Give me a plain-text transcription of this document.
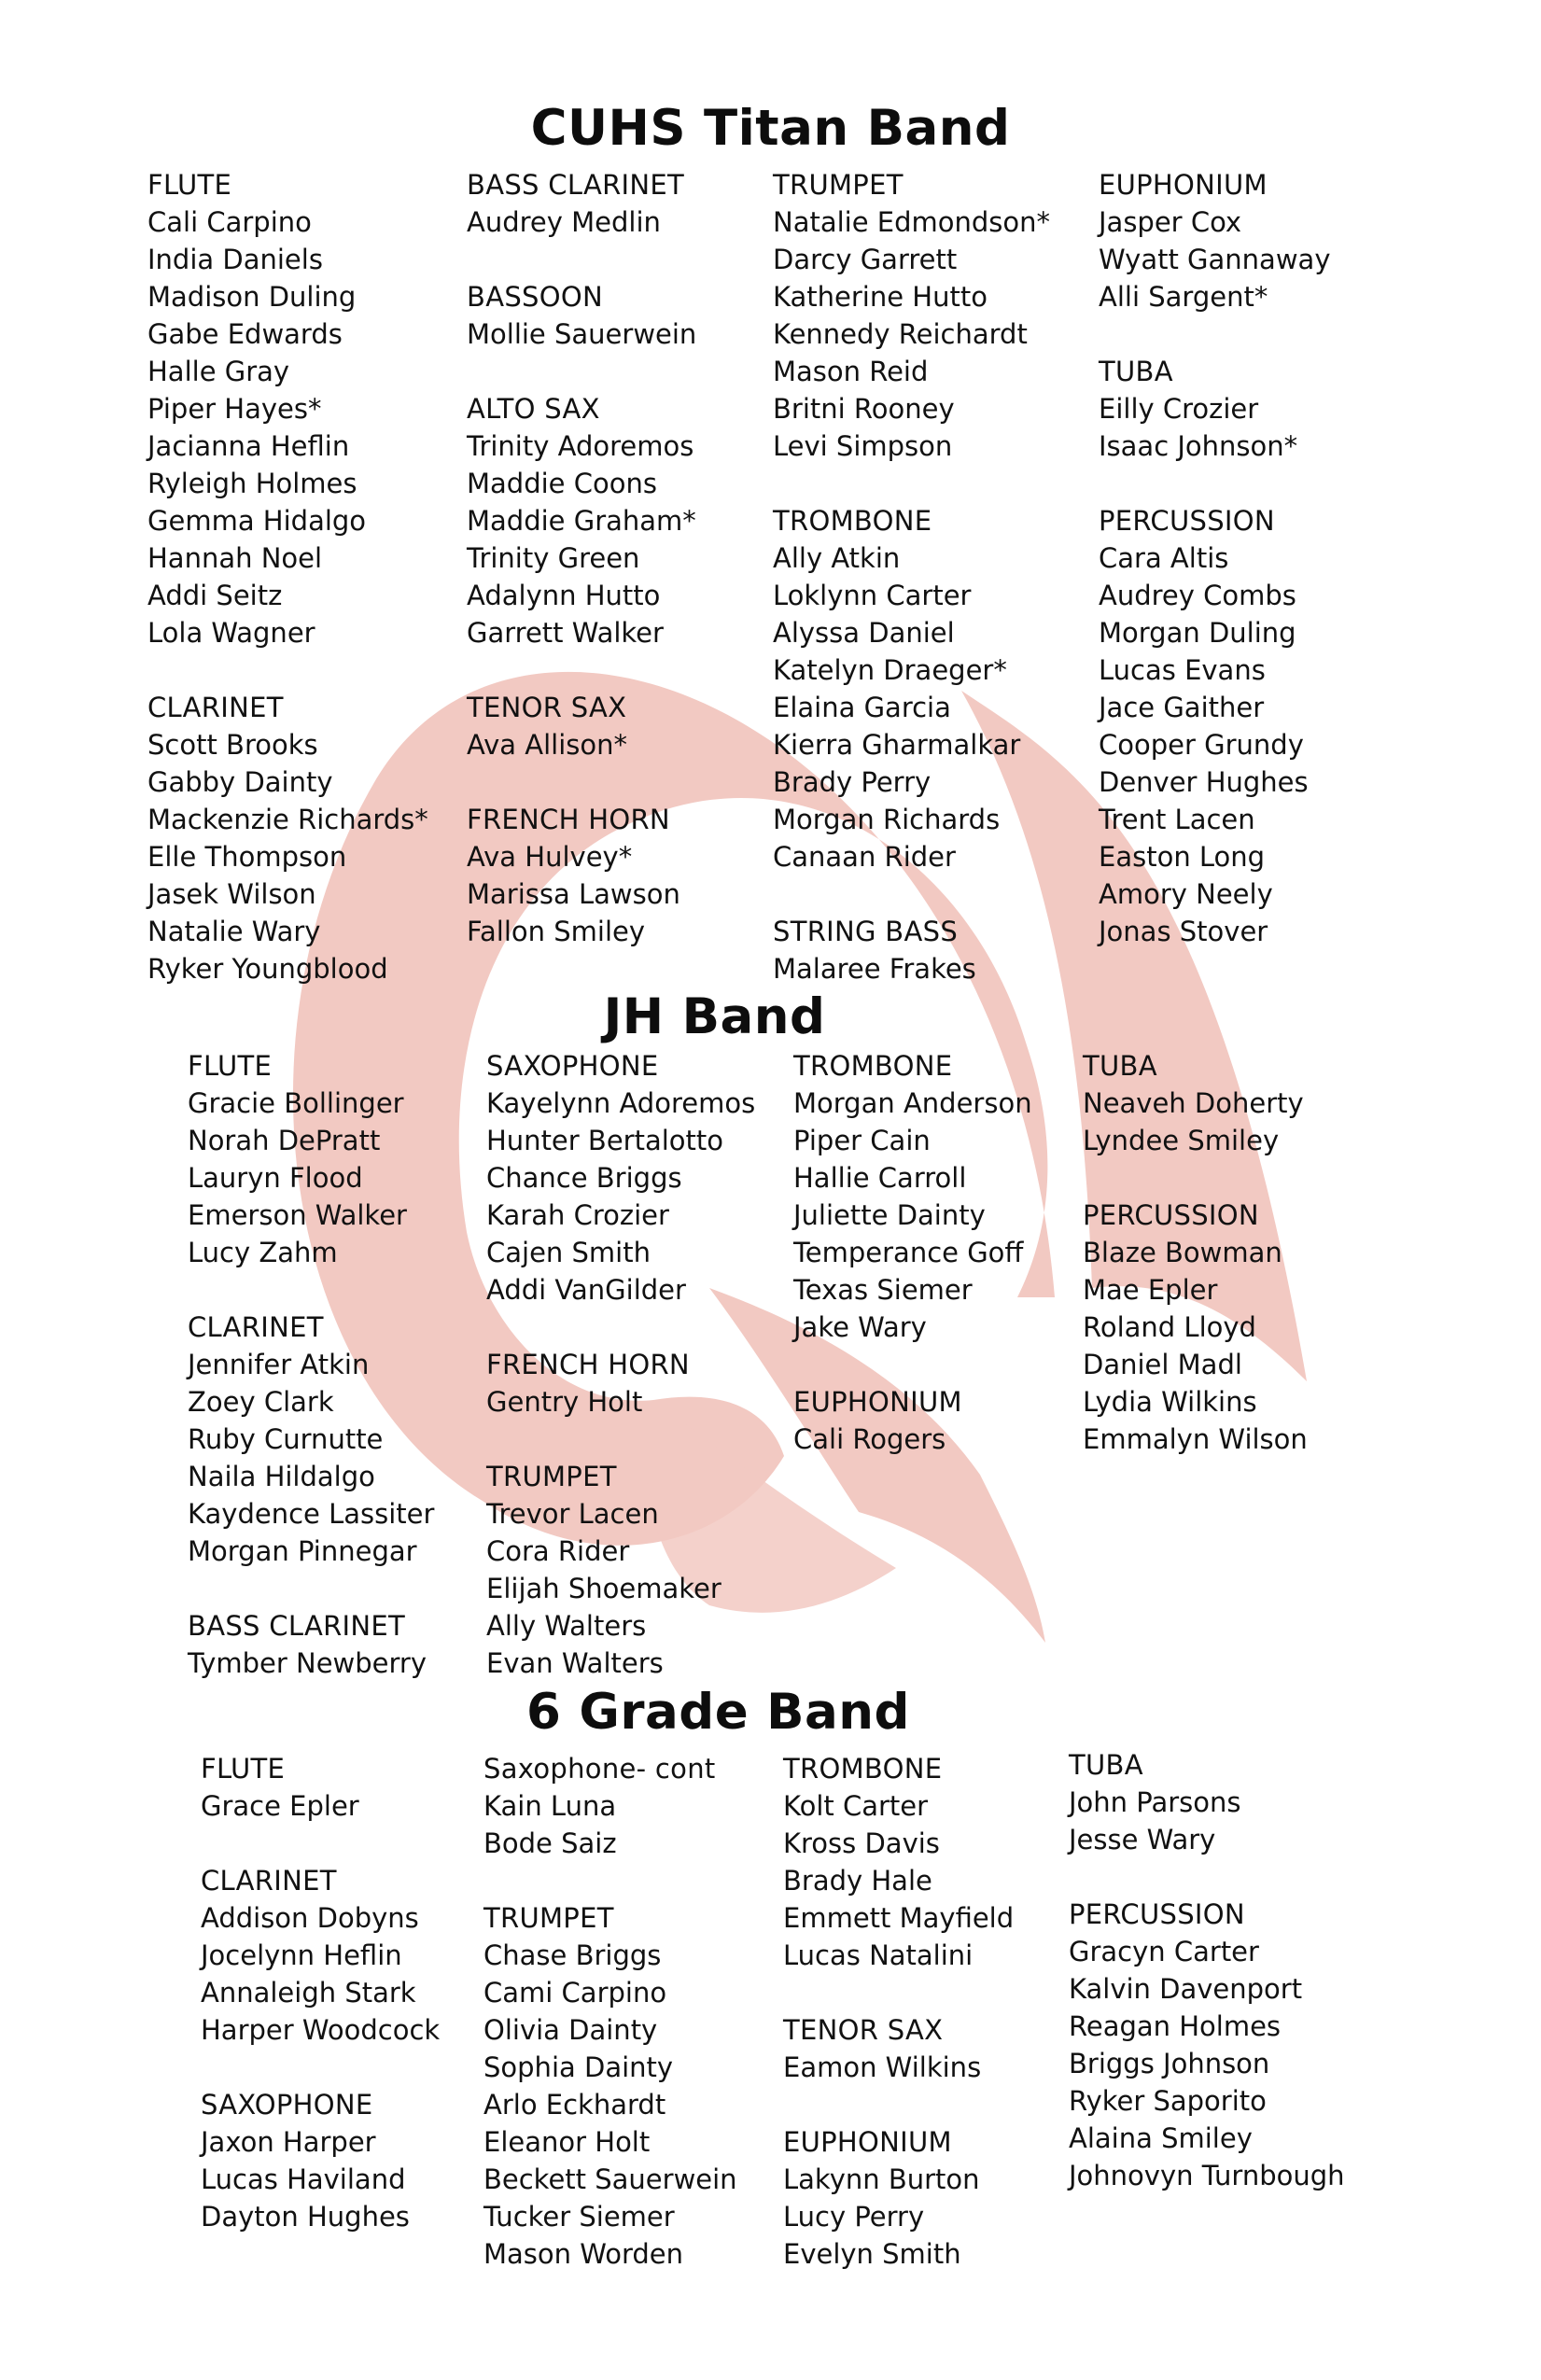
CUHS Titan Band

FLUTE

Cali Carpino
India Daniels
Madison Duling
Gabe Edwards
Halle Gray
Piper Hayes*
Jacianna Heflin
Ryleigh Holmes
Gemma Hidalgo
Hannah Noel
Addi Seitz
Lola Wagner

CLARINET

Scott Brooks
Gabby Dainty
Mackenzie Richards*
Elle Thompson
Jasek Wilson
Natalie Wary
Ryker Youngblood

BASS CLARINET

Audrey Medlin

BASSOON

Mollie Sauerwein

ALTO SAX

Trinity Adoremos
Maddie Coons
Maddie Graham*
Trinity Green
Adalynn Hutto
Garrett Walker

TENOR SAX

Ava Allison*

FRENCH HORN

Ava Hulvey*
Marissa Lawson
Fallon Smiley

TRUMPET

Natalie Edmondson*
Darcy Garrett
Katherine Hutto
Kennedy Reichardt
Mason Reid
Britni Rooney
Levi Simpson

TROMBONE

Ally Atkin
Loklynn Carter
Alyssa Daniel
Katelyn Draeger*
Elaina Garcia
Kierra Gharmalkar
Brady Perry
Morgan Richards
Canaan Rider

STRING BASS

Malaree Frakes

EUPHONIUM

Jasper Cox
Wyatt Gannaway
Alli Sargent*

TUBA

Eilly Crozier
Isaac Johnson*

PERCUSSION

Cara Altis
Audrey Combs
Morgan Duling
Lucas Evans
Jace Gaither
Cooper Grundy
Denver Hughes
Trent Lacen
Easton Long
Amory Neely
Jonas Stover
JH Band

FLUTE

Gracie Bollinger
Norah DePratt
Lauryn Flood
Emerson Walker
Lucy Zahm

CLARINET

Jennifer Atkin
Zoey Clark
Ruby Curnutte
Naila Hildalgo
Kaydence Lassiter
Morgan Pinnegar

BASS CLARINET

Tymber Newberry

SAXOPHONE

Kayelynn Adoremos
Hunter Bertalotto
Chance Briggs
Karah Crozier
Cajen Smith
Addi VanGilder

FRENCH HORN

Gentry Holt

TRUMPET

Trevor Lacen
Cora Rider
Elijah Shoemaker
Ally Walters
Evan Walters

TROMBONE

Morgan Anderson
Piper Cain
Hallie Carroll
Juliette Dainty
Temperance Goff
Texas Siemer
Jake Wary

EUPHONIUM

Cali Rogers

TUBA

Neaveh Doherty
Lyndee Smiley

PERCUSSION

Blaze Bowman
Mae Epler
Roland Lloyd
Daniel Madl
Lydia Wilkins
Emmalyn Wilson
6 Grade Band

FLUTE

Grace Epler

CLARINET

Addison Dobyns
Jocelynn Heflin
Annaleigh Stark
Harper Woodcock

SAXOPHONE

Jaxon Harper
Lucas Haviland
Dayton Hughes

Saxophone- cont

Kain Luna
Bode Saiz

TRUMPET

Chase Briggs
Cami Carpino
Olivia Dainty
Sophia Dainty
Arlo Eckhardt
Eleanor Holt
Beckett Sauerwein
Tucker Siemer
Mason Worden

TROMBONE

Kolt Carter
Kross Davis
Brady Hale
Emmett Mayfield
Lucas Natalini

TENOR SAX

Eamon Wilkins

EUPHONIUM

Lakynn Burton
Lucy Perry
Evelyn Smith

TUBA

John Parsons
Jesse Wary

PERCUSSION

Gracyn Carter
Kalvin Davenport
Reagan Holmes
Briggs Johnson
Ryker Saporito
Alaina Smiley
Johnovyn Turnbough
